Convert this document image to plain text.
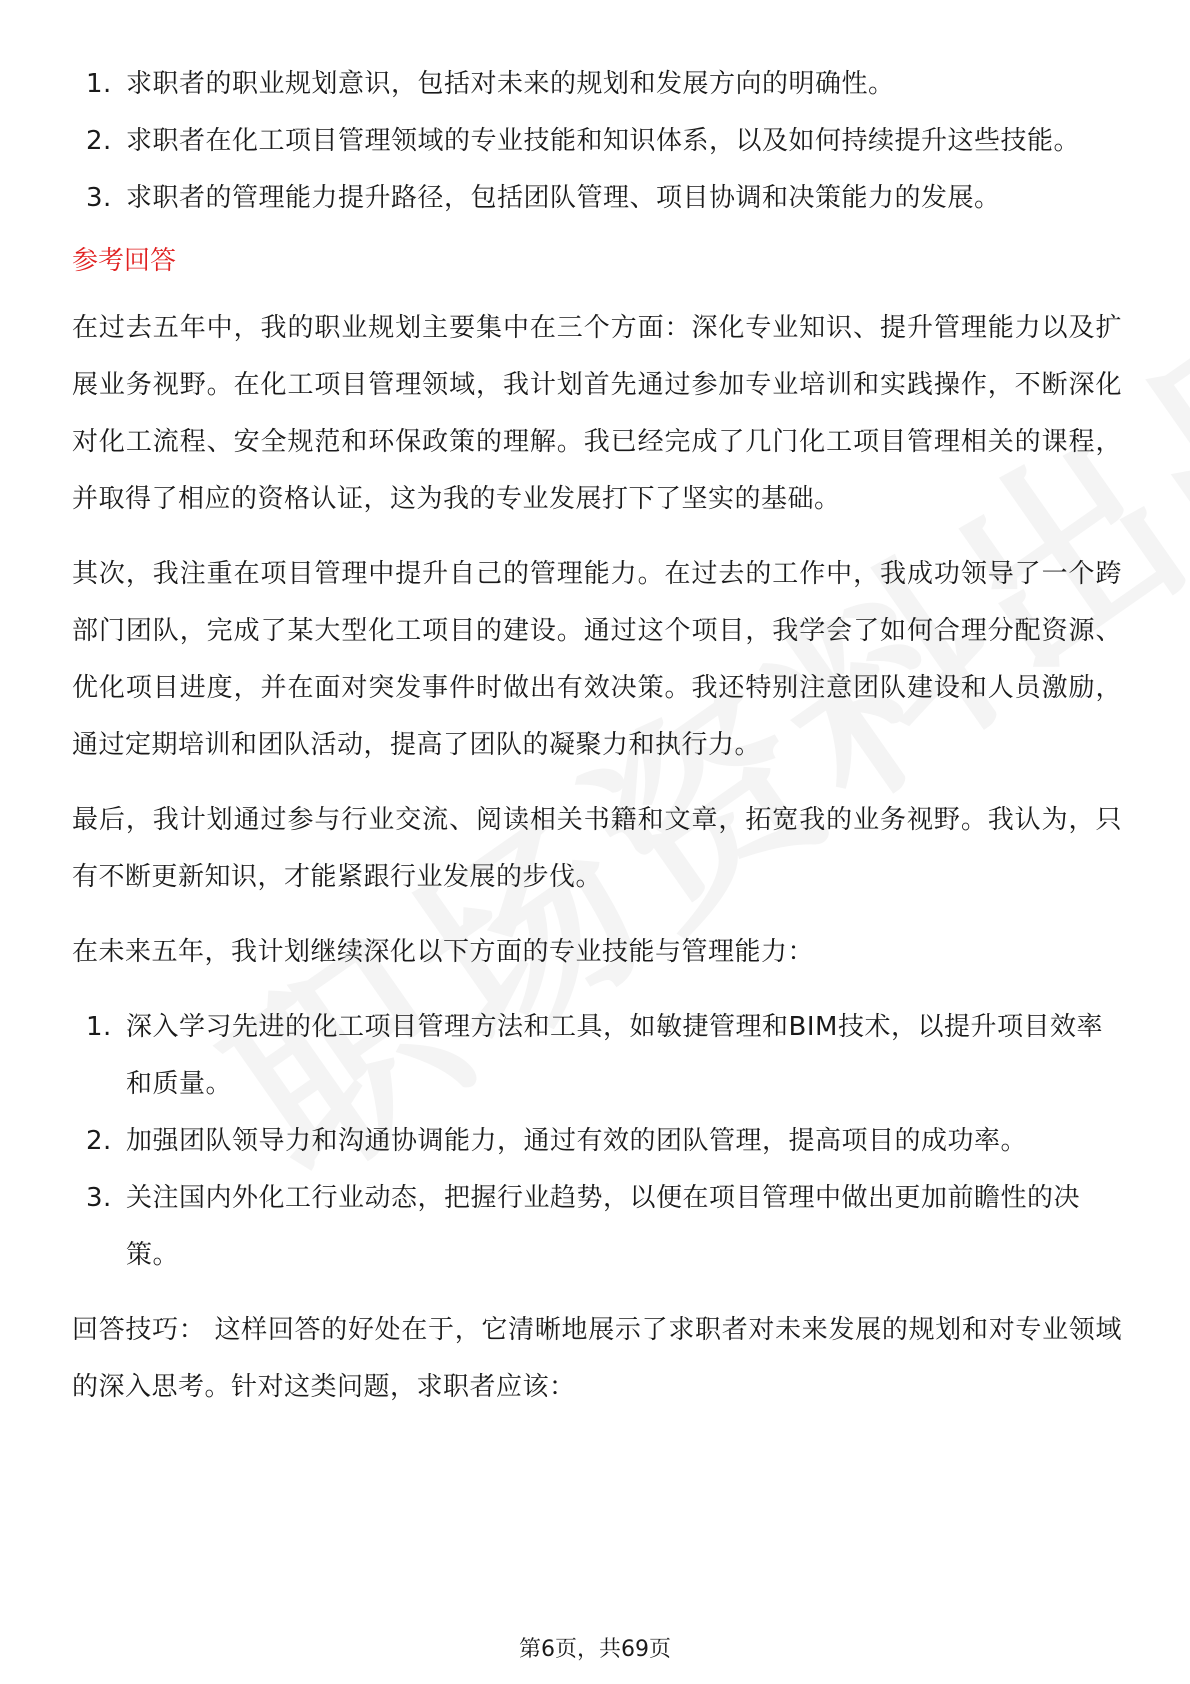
1. 求职者的职业规划意识，包括对未来的规划和发展方向的明确性。
2. 求职者在化工项目管理领域的专业技能和知识体系，以及如何持续提升这些技能。
3. 求职者的管理能力提升路径，包括团队管理、项目协调和决策能力的发展。
参考回答

在过去五年中，我的职业规划主要集中在三个方面：深化专业知识、提升管理能力以及扩展业务视野。在化工项目管理领域，我计划首先通过参加专业培训和实践操作，不断深化对化工流程、安全规范和环保政策的理解。我已经完成了几门化工项目管理相关的课程，并取得了相应的资格认证，这为我的专业发展打下了坚实的基础。

其次，我注重在项目管理中提升自己的管理能力。在过去的工作中，我成功领导了一个跨部门团队，完成了某大型化工项目的建设。通过这个项目，我学会了如何合理分配资源、优化项目进度，并在面对突发事件时做出有效决策。我还特别注意团队建设和人员激励，通过定期培训和团队活动，提高了团队的凝聚力和执行力。

最后，我计划通过参与行业交流、阅读相关书籍和文章，拓宽我的业务视野。我认为，只有不断更新知识，才能紧跟行业发展的步伐。

在未来五年，我计划继续深化以下方面的专业技能与管理能力：

1. 深入学习先进的化工项目管理方法和工具，如敏捷管理和BIM技术，以提升项目效率和质量。
2. 加强团队领导力和沟通协调能力，通过有效的团队管理，提高项目的成功率。
3. 关注国内外化工行业动态，把握行业趋势，以便在项目管理中做出更加前瞻性的决策。

回答技巧： 这样回答的好处在于，它清晰地展示了求职者对未来发展的规划和对专业领域的深入思考。针对这类问题，求职者应该：

第6页，共69页
